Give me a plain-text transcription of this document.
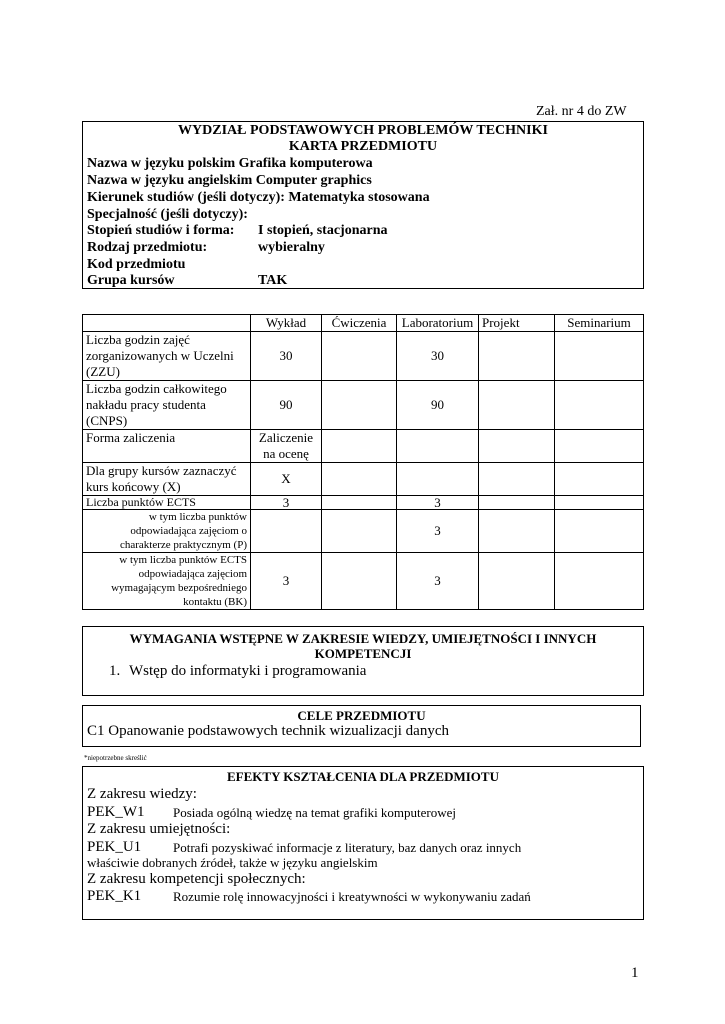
Zał. nr 4 do ZW
WYDZIAŁ PODSTAWOWYCH PROBLEMÓW TECHNIKI
KARTA PRZEDMIOTU
Nazwa w języku polskim Grafika komputerowa
Nazwa w języku angielskim Computer graphics
Kierunek studiów (jeśli dotyczy): Matematyka stosowana
Specjalność (jeśli dotyczy):
Stopień studiów i forma: I stopień, stacjonarna
Rodzaj przedmiotu:	wybieralny
Kod przedmiotu
Grupa kursów	TAK
	Wykład	Ćwiczenia	Laboratorium	Projekt	Seminarium
Liczba godzin zajęć zorganizowanych w Uczelni (ZZU)	30		30		
Liczba godzin całkowitego nakładu pracy studenta (CNPS)	90		90		
Forma zaliczenia	Zaliczenie na ocenę				
Dla grupy kursów zaznaczyć kurs końcowy (X)	X				
Liczba punktów ECTS	3		3		
w tym liczba punktów odpowiadająca zajęciom o charakterze praktycznym (P)			3		
w tym liczba punktów ECTS odpowiadająca zajęciom wymagającym bezpośredniego kontaktu (BK)	3		3		
WYMAGANIA WSTĘPNE W ZAKRESIE WIEDZY, UMIEJĘTNOŚCI I INNYCH
KOMPETENCJI
1. Wstęp do informatyki i programowania
CELE PRZEDMIOTU
C1 Opanowanie podstawowych technik wizualizacji danych
*niepotrzebne skreślić
EFEKTY KSZTAŁCENIA DLA PRZEDMIOTU
Z zakresu wiedzy:
PEK_W1 Posiada ogólną wiedzę na temat grafiki komputerowej
Z zakresu umiejętności:
PEK_U1 Potrafi pozyskiwać informacje z literatury, baz danych oraz innych
właściwie dobranych źródeł, także w języku angielskim
Z zakresu kompetencji społecznych:
PEK_K1 Rozumie rolę innowacyjności i kreatywności w wykonywaniu zadań
1
